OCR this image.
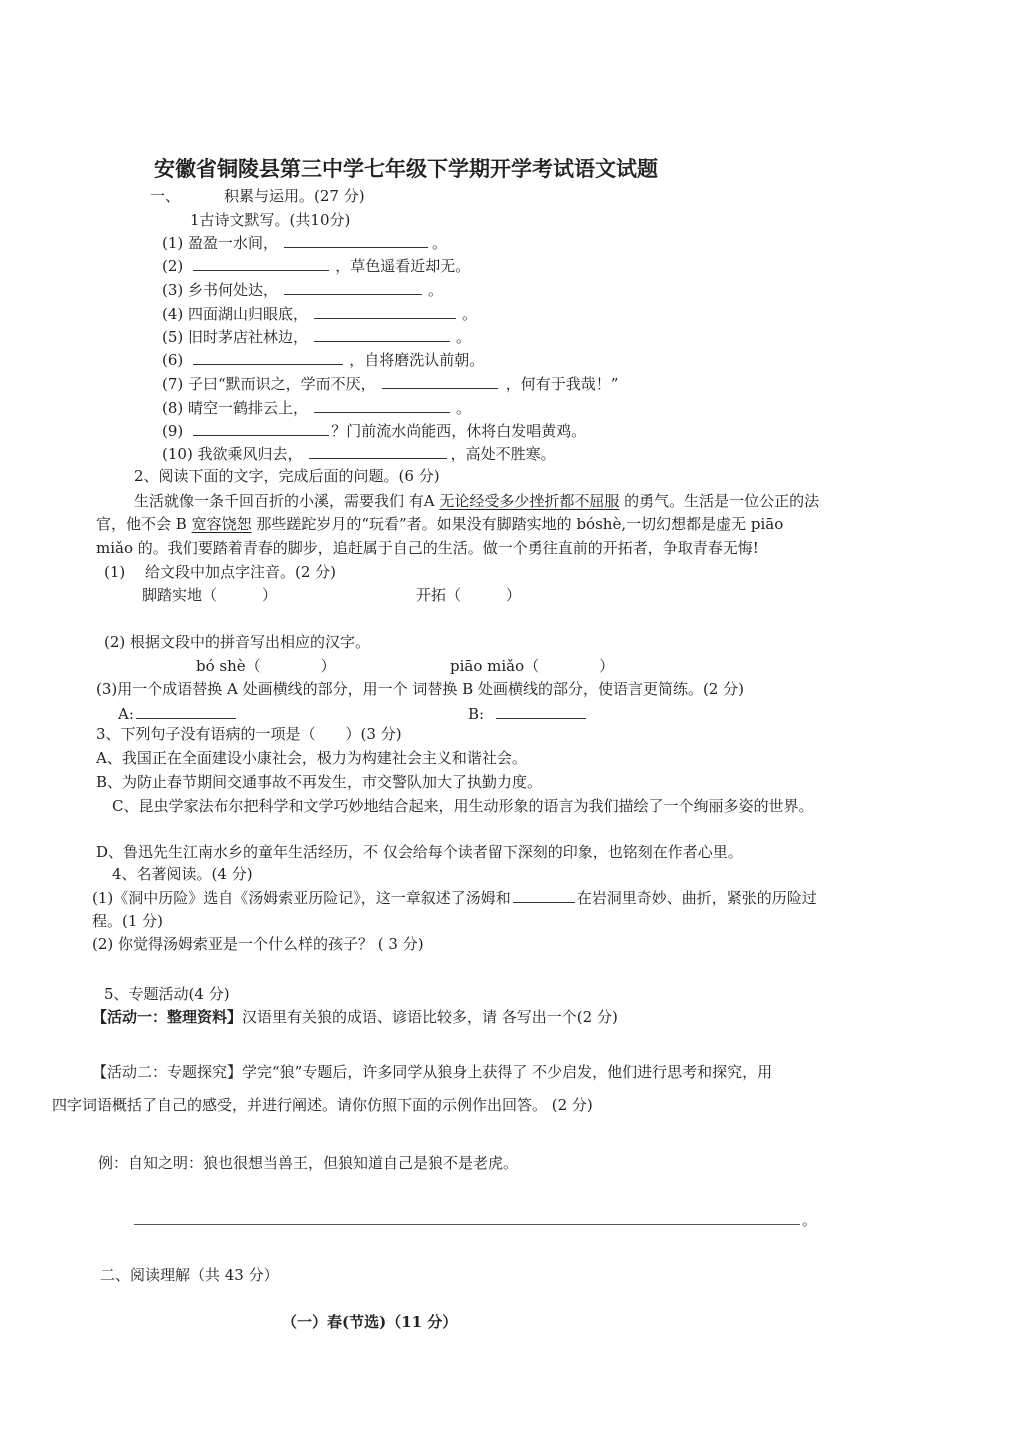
安徽省铜陵县第三中学七年级下学期开学考试语文试题
一、	积累与运用。(27 分)
1古诗文默写。(共10分)
(1) 盈盈一水间，	。
(2)	，草色遥看近却无。
(3) 乡书何处达，	。
(4) 四面湖山归眼底，	。
(5) 旧时茅店社林边，	。
(6)	，自将磨洗认前朝。
(7) 子曰“默而识之，学而不厌，	，何有于我哉！”
(8) 晴空一鹤排云上，	。
(9)	？门前流水尚能西，休将白发唱黄鸡。
(10) 我欲乘风归去，	，高处不胜寒。
2、阅读下面的文字，完成后面的问题。(6 分)
生活就像一条千回百折的小溪，需要我们 有A 无论经受多少挫折都不屈服 的勇气。生活是一位公正的法
官，他不会 B 宽容饶恕 那些蹉跎岁月的“玩看”者。如果没有脚踏实地的 bóshè,一切幻想都是虚无 piāo
miǎo 的。我们要踏着青春的脚步，追赶属于自己的生活。做一个勇往直前的开拓者，争取青春无悔!
(1)　 给文段中加点字注音。(2 分)
脚踏实地（　　　）	开拓（　　　）
(2) 根据文段中的拼音写出相应的汉字。
bó shè（　　　　）	piāo miǎo（　　　　）
(3)用一个成语替换 A 处画横线的部分，用一个 词替换 B 处画横线的部分，使语言更简练。(2 分)
A:	B:
3、下列句子没有语病的一项是（　　）(3 分)
A、我国正在全面建设小康社会，极力为构建社会主义和谐社会。
B、为防止春节期间交通事故不再发生，市交警队加大了执勤力度。
C、昆虫学家法布尔把科学和文学巧妙地结合起来，用生动形象的语言为我们描绘了一个绚丽多姿的世界。
D、鲁迅先生江南水乡的童年生活经历，不 仅会给每个读者留下深刻的印象，也铭刻在作者心里。
4、名著阅读。(4 分)
(1)《洞中历险》选自《汤姆索亚历险记》，这一章叙述了汤姆和	在岩洞里奇妙、曲折，紧张的历险过
程。(1 分)
(2) 你觉得汤姆索亚是一个什么样的孩子？ ( 3 分)
5、专题活动(4 分)
【活动一：整理资料】汉语里有关狼的成语、谚语比较多，请 各写出一个(2 分)
【活动二：专题探究】学完“狼”专题后，许多同学从狼身上获得了 不少启发，他们进行思考和探究，用
四字词语概括了自己的感受，并进行阐述。请你仿照下面的示例作出回答。 (2 分)
例：自知之明：狼也很想当兽王，但狼知道自己是狼不是老虎。
。
二、阅读理解（共 43 分）
（一）春(节选)（11 分）
